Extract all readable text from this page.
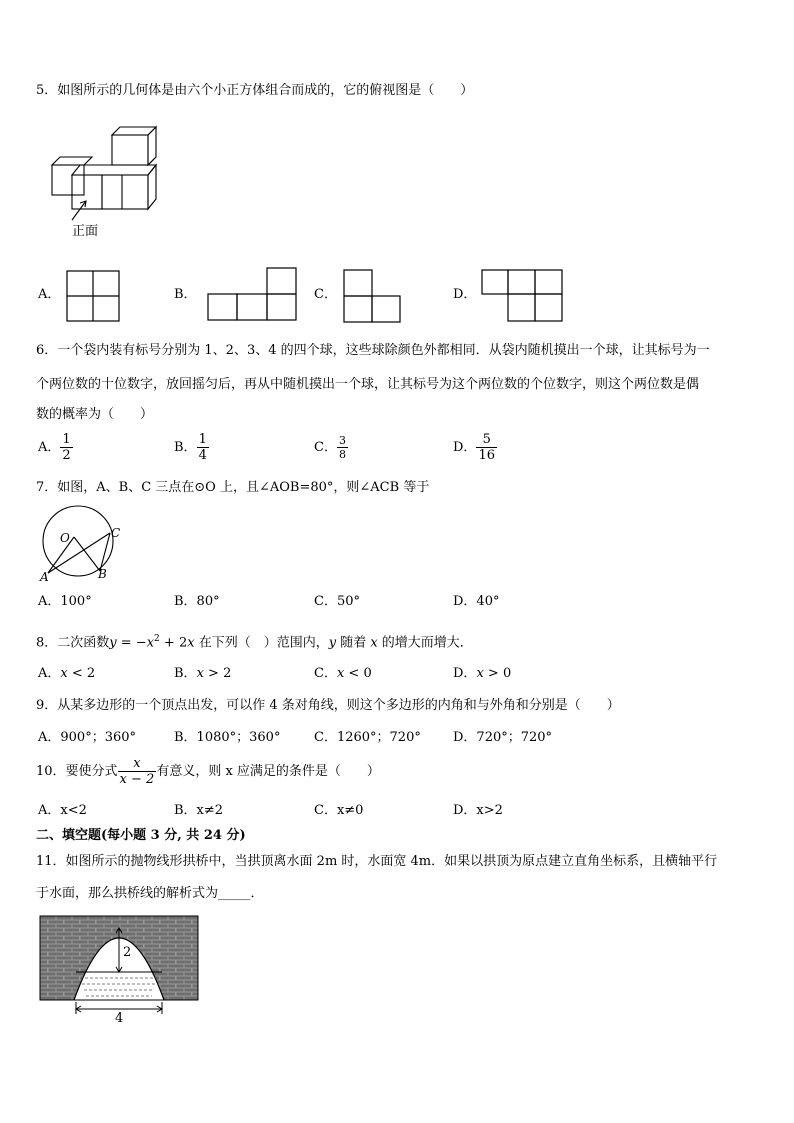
5．如图所示的几何体是由六个小正方体组合而成的，它的俯视图是（　　）
正面
A．	B．	C．	D．
6．一个袋内装有标号分别为 1、2、3、4 的四个球，这些球除颜色外都相同．从袋内随机摸出一个球，让其标号为一
个两位数的十位数字，放回摇匀后，再从中随机摸出一个球，让其标号为这个两位数的个位数字，则这个两位数是偶
数的概率为（　　）
A． $\frac{1}{2}$	B． $\frac{1}{4}$	C． $\frac{3}{8}$	D． $\frac{5}{16}$
7．如图，A、B、C 三点在⊙O 上，且∠AOB=80°，则∠ACB 等于
O
A	B
C
A．100°	B．80°	C．50°	D．40°
8．二次函数$y = -x^2 + 2x$ 在下列（　）范围内，y 随着 x 的增大而增大．
A．x < 2	B．x > 2	C．x < 0	D．x > 0
9．从某多边形的一个顶点出发，可以作 4 条对角线，则这个多边形的内角和与外角和分别是（　　）
A．900°；360°	B．1080°；360°	C．1260°；720° D．720°；720°
10．要使分式 $\frac{x}{x - 2}$ 有意义，则 x 应满足的条件是（　　）
A．x<2	B．x≠2	C．x≠0	D．x>2
二、填空题(每小题 3 分, 共 24 分)
11．如图所示的抛物线形拱桥中，当拱顶离水面 2m 时，水面宽 4m．如果以拱顶为原点建立直角坐标系，且横轴平行
于水面，那么拱桥线的解析式为_____．
2
4
